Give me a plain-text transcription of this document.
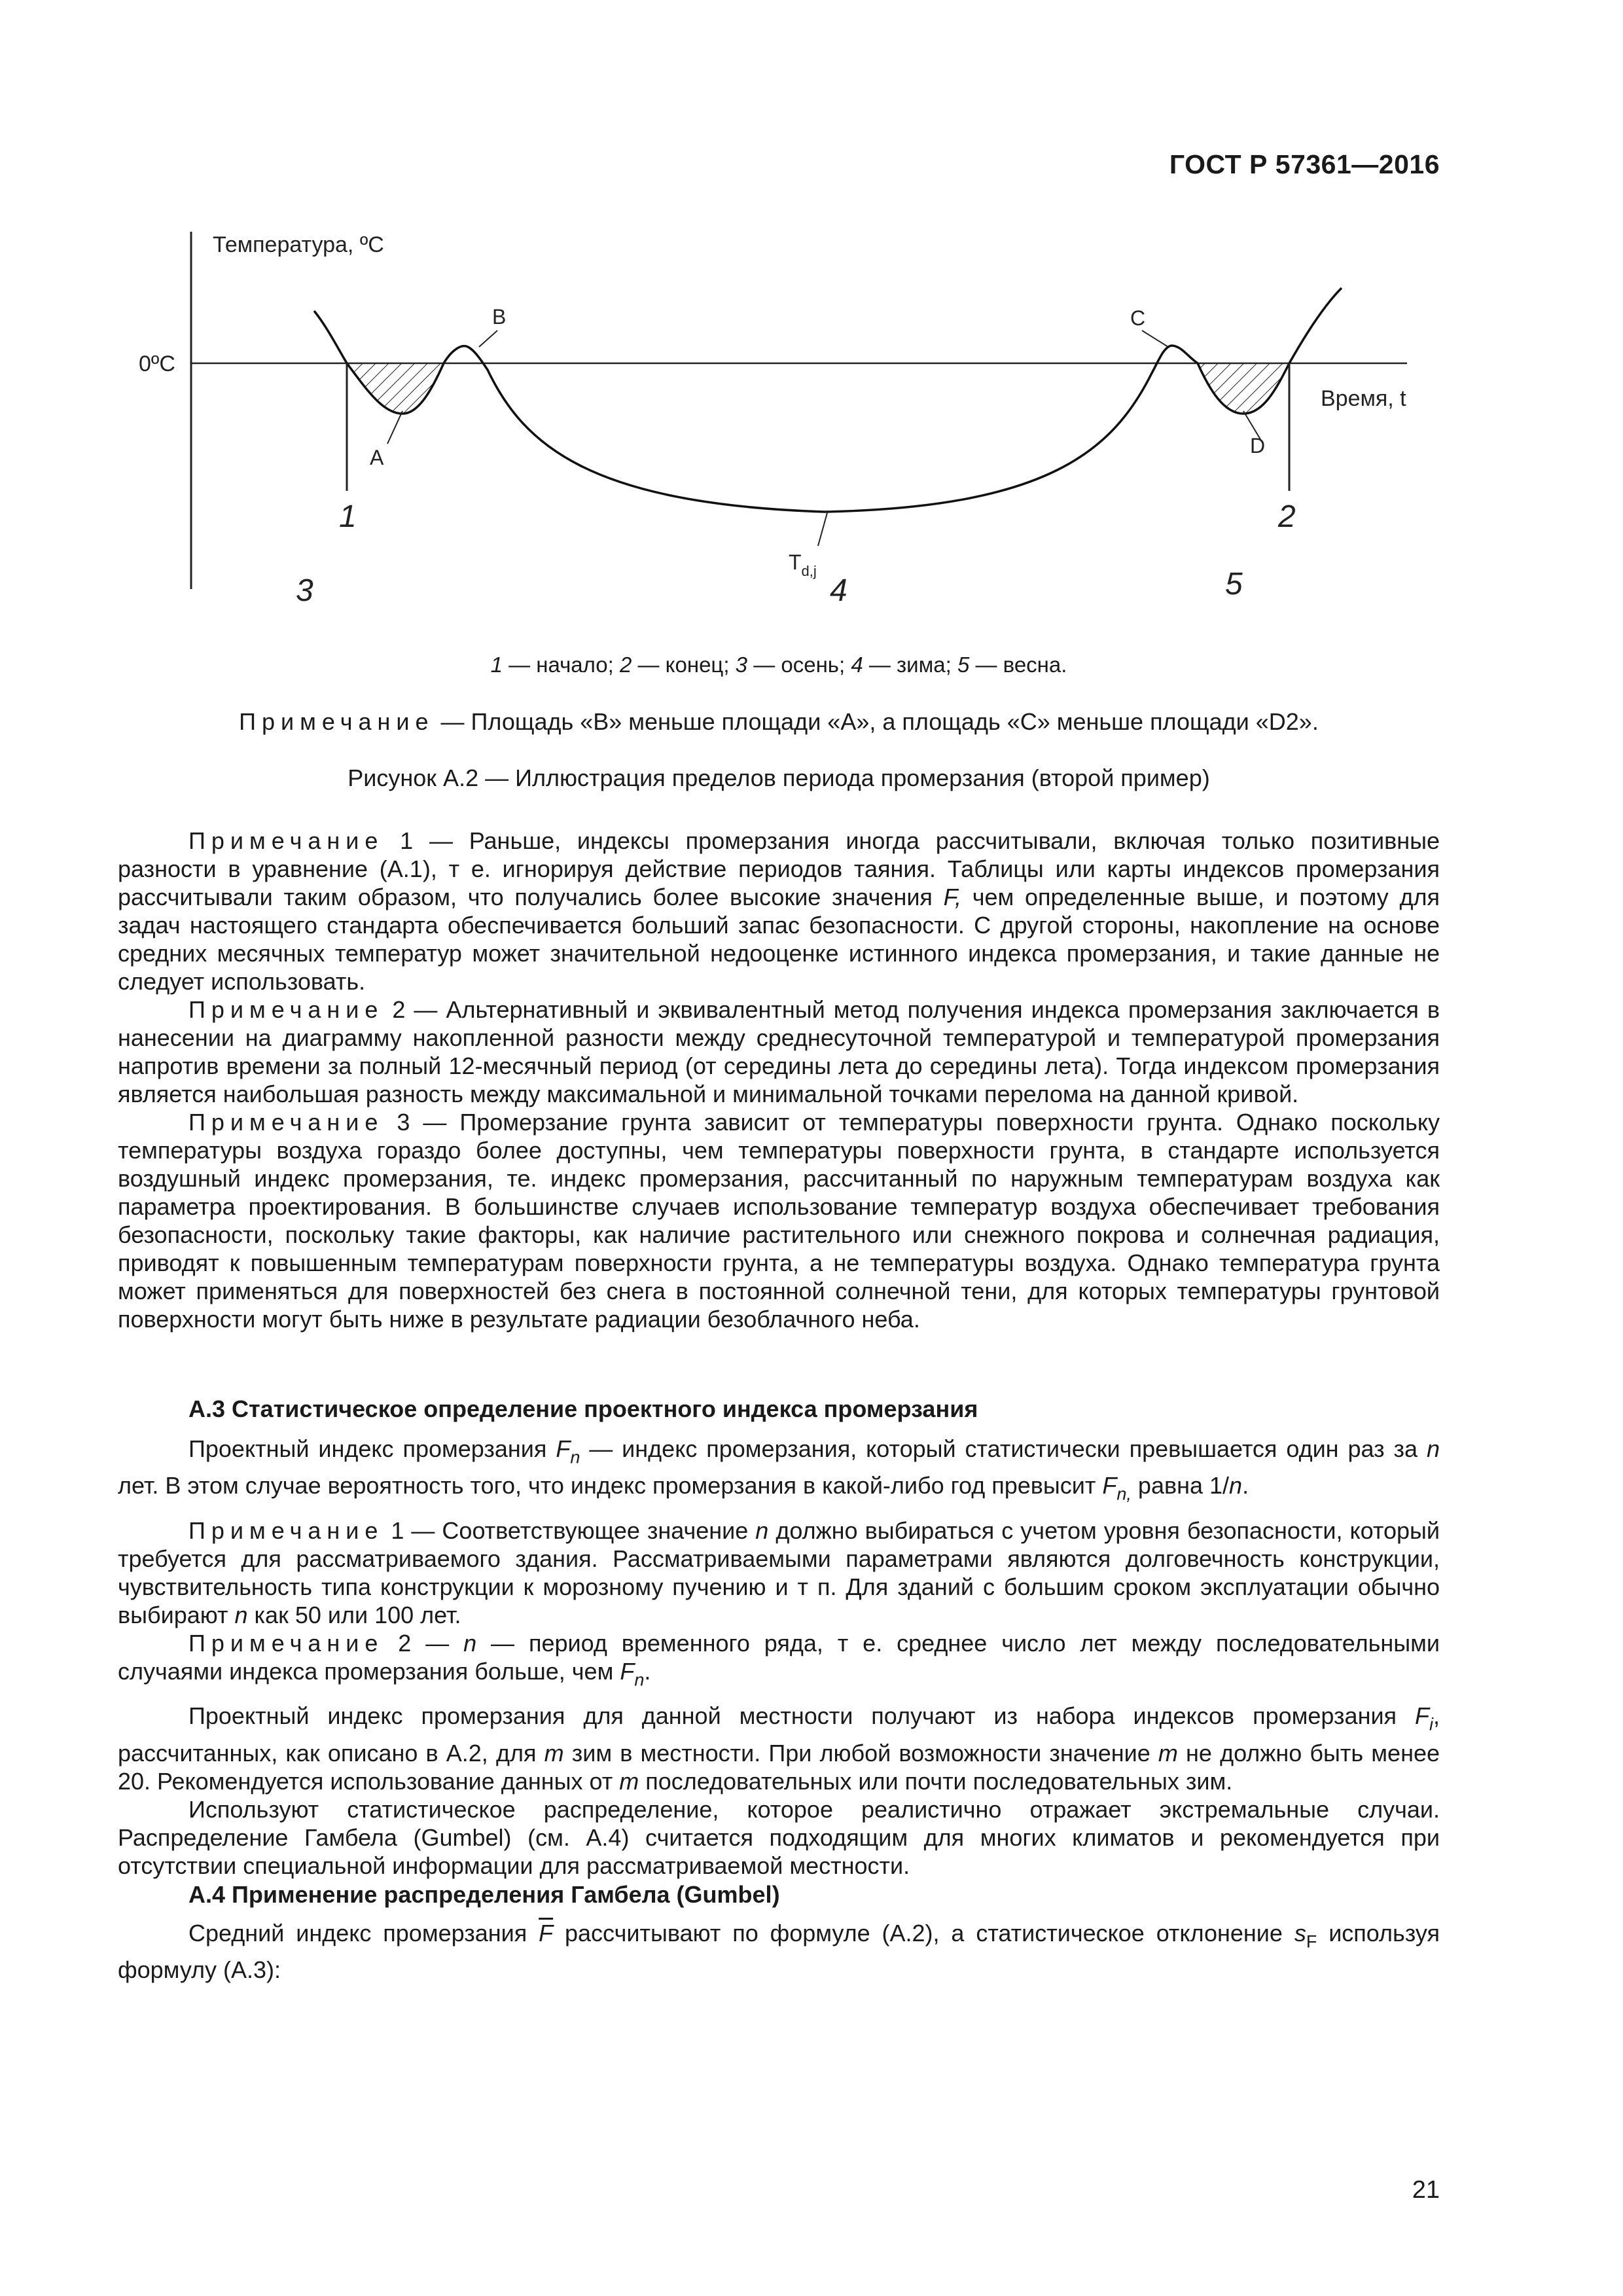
ГОСТ Р 57361—2016
Температура, ºС
0ºС
Время, t
A
B	C
D
$T_{d,j}$
1	2
3	4	5
1 — начало; 2 — конец; 3 — осень; 4 — зима; 5 — весна.
Примечание — Площадь «В» меньше площади «А», а площадь «С» меньше площади «D2».
Рисунок А.2 — Иллюстрация пределов периода промерзания (второй пример)

Примечание 1 — Раньше, индексы промерзания иногда рассчитывали, включая только позитивные разности в уравнение (А.1), т е. игнорируя действие периодов таяния. Таблицы или карты индексов промерзания рассчитывали таким образом, что получались более высокие значения F, чем определенные выше, и поэтому для задач настоящего стандарта обеспечивается больший запас безопасности. С другой стороны, накопление на основе средних месячных температур может значительной недооценке истинного индекса промерзания, и такие данные не следует использовать.

Примечание 2 — Альтернативный и эквивалентный метод получения индекса промерзания заключается в нанесении на диаграмму накопленной разности между среднесуточной температурой и температурой промерзания напротив времени за полный 12-месячный период (от середины лета до середины лета). Тогда индексом промерзания является наибольшая разность между максимальной и минимальной точками перелома на данной кривой.

Примечание 3 — Промерзание грунта зависит от температуры поверхности грунта. Однако поскольку температуры воздуха гораздо более доступны, чем температуры поверхности грунта, в стандарте используется воздушный индекс промерзания, те. индекс промерзания, рассчитанный по наружным температурам воздуха как параметра проектирования. В большинстве случаев использование температур воздуха обеспечивает требования безопасности, поскольку такие факторы, как наличие растительного или снежного покрова и солнечная радиация, приводят к повышенным температурам поверхности грунта, а не температуры воздуха. Однако температура грунта может применяться для поверхностей без снега в постоянной солнечной тени, для которых температуры грунтовой поверхности могут быть ниже в результате радиации безоблачного неба.

А.3 Статистическое определение проектного индекса промерзания

Проектный индекс промерзания $F_n$ — индекс промерзания, который статистически превышается один раз за n лет. В этом случае вероятность того, что индекс промерзания в какой-либо год превысит $F_{n,}$ равна 1/n.

Примечание 1 — Соответствующее значение n должно выбираться с учетом уровня безопасности, который требуется для рассматриваемого здания. Рассматриваемыми параметрами являются долговечность конструкции, чувствительность типа конструкции к морозному пучению и т п. Для зданий с большим сроком эксплуатации обычно выбирают n как 50 или 100 лет.

Примечание 2 — n — период временного ряда, т е. среднее число лет между последовательными случаями индекса промерзания больше, чем $F_n$.

Проектный индекс промерзания для данной местности получают из набора индексов промерзания $F_i$, рассчитанных, как описано в А.2, для m зим в местности. При любой возможности значение m не должно быть менее 20. Рекомендуется использование данных от m последовательных или почти последовательных зим.

Используют статистическое распределение, которое реалистично отражает экстремальные случаи. Распределение Гамбела (Gumbel) (см. А.4) считается подходящим для многих климатов и рекомендуется при отсутствии специальной информации для рассматриваемой местности.

А.4 Применение распределения Гамбела (Gumbel)

Средний индекс промерзания $\overline{F}$ рассчитывают по формуле (А.2), а статистическое отклонение $s_F$ используя формулу (А.3):

21
